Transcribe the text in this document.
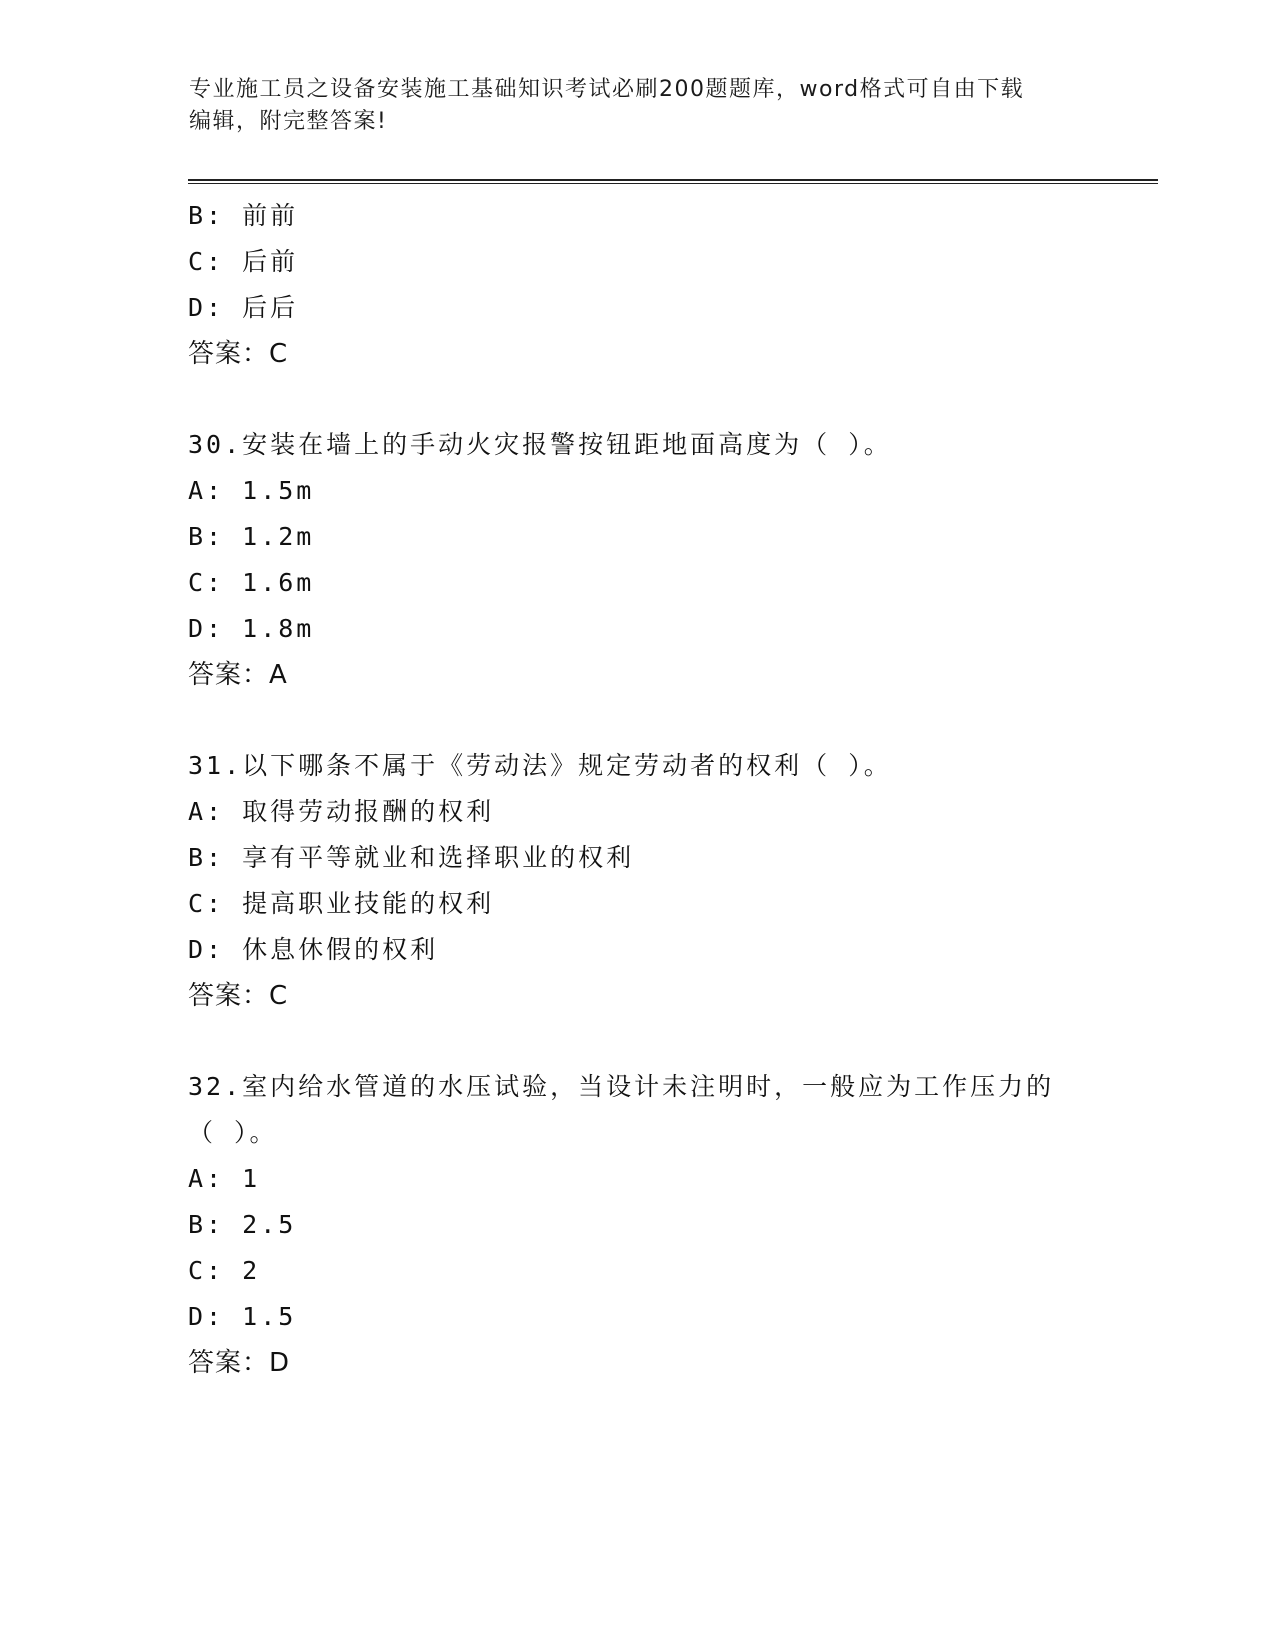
专业施工员之设备安装施工基础知识考试必刷200题题库，word格式可自由下载
编辑，附完整答案!
B: 前前
C: 后前
D: 后后
答案：C
30.安装在墙上的手动火灾报警按钮距地面高度为（ ）。
A: 1.5m
B: 1.2m
C: 1.6m
D: 1.8m
答案：A
31.以下哪条不属于《劳动法》规定劳动者的权利（ ）。
A: 取得劳动报酬的权利
B: 享有平等就业和选择职业的权利
C: 提高职业技能的权利
D: 休息休假的权利
答案：C
32.室内给水管道的水压试验，当设计未注明时，一般应为工作压力的
（ ）。
A: 1
B: 2.5
C: 2
D: 1.5
答案：D
